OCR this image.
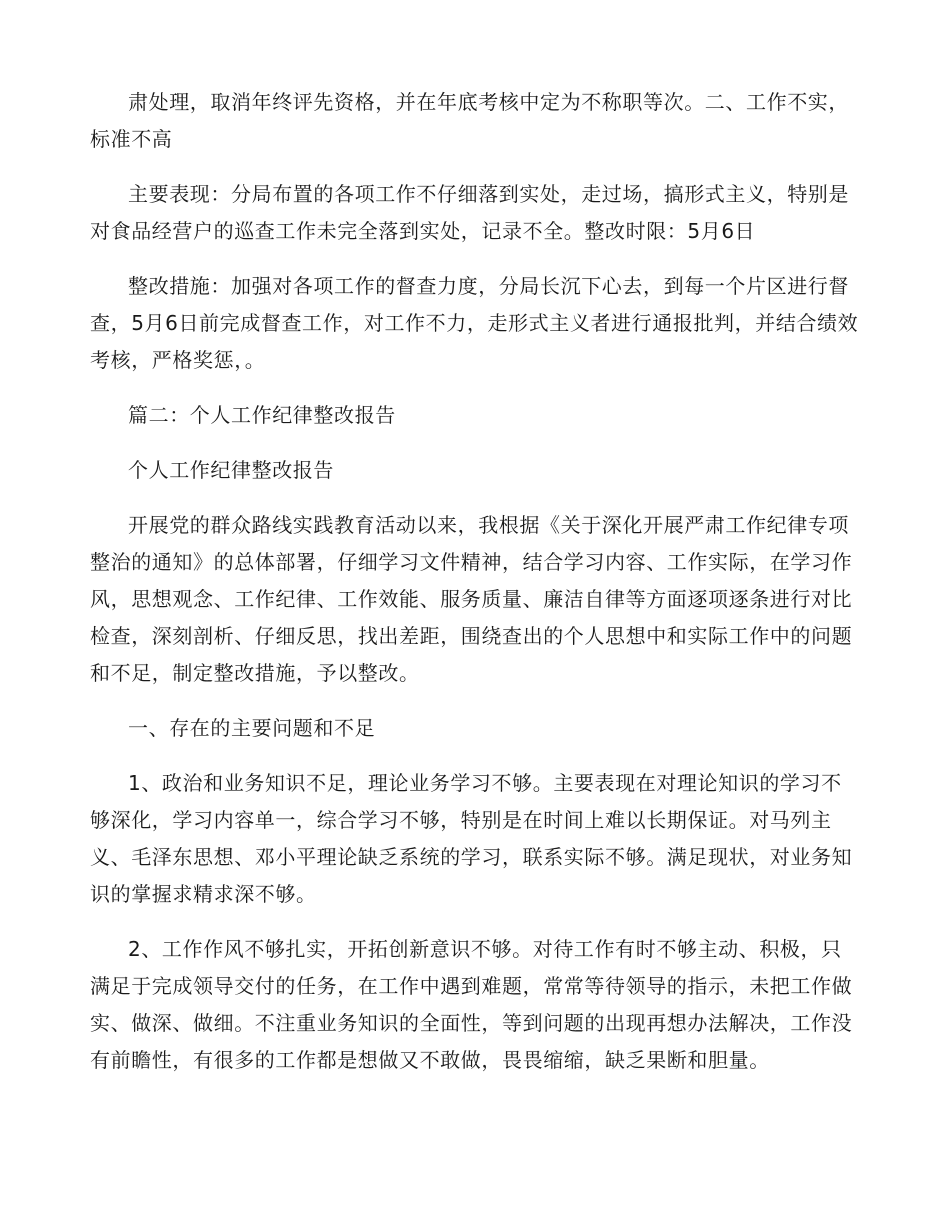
肃处理，取消年终评先资格，并在年底考核中定为不称职等次。二、工作不实，标准不高

主要表现：分局布置的各项工作不仔细落到实处，走过场，搞形式主义，特别是对食品经营户的巡查工作未完全落到实处，记录不全。整改时限：5月6日

整改措施：加强对各项工作的督查力度，分局长沉下心去，到每一个片区进行督查，5月6日前完成督查工作，对工作不力，走形式主义者进行通报批判，并结合绩效考核，严格奖惩，。

篇二：个人工作纪律整改报告

个人工作纪律整改报告

开展党的群众路线实践教育活动以来，我根据《关于深化开展严肃工作纪律专项整治的通知》的总体部署，仔细学习文件精神，结合学习内容、工作实际，在学习作风，思想观念、工作纪律、工作效能、服务质量、廉洁自律等方面逐项逐条进行对比检查，深刻剖析、仔细反思，找出差距，围绕查出的个人思想中和实际工作中的问题和不足，制定整改措施，予以整改。

一、存在的主要问题和不足

1、政治和业务知识不足，理论业务学习不够。主要表现在对理论知识的学习不够深化，学习内容单一，综合学习不够，特别是在时间上难以长期保证。对马列主义、毛泽东思想、邓小平理论缺乏系统的学习，联系实际不够。满足现状，对业务知识的掌握求精求深不够。

2、工作作风不够扎实，开拓创新意识不够。对待工作有时不够主动、积极，只满足于完成领导交付的任务，在工作中遇到难题，常常等待领导的指示，未把工作做实、做深、做细。不注重业务知识的全面性，等到问题的出现再想办法解决，工作没有前瞻性，有很多的工作都是想做又不敢做，畏畏缩缩，缺乏果断和胆量。
